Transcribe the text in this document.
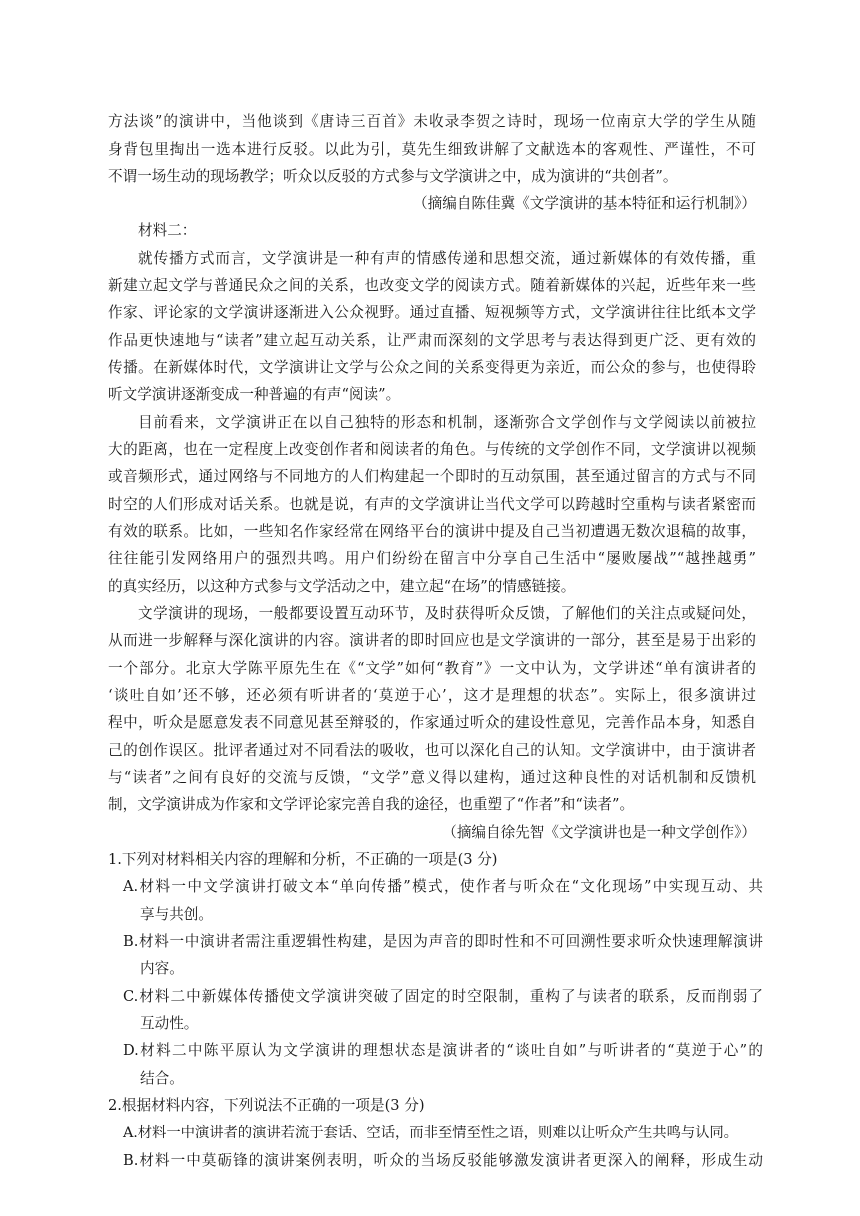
方法谈”的演讲中，当他谈到《唐诗三百首》未收录李贺之诗时，现场一位南京大学的学生从随
身背包里掏出一选本进行反驳。以此为引，莫先生细致讲解了文献选本的客观性、严谨性，不可
不谓一场生动的现场教学；听众以反驳的方式参与文学演讲之中，成为演讲的“共创者”。
（摘编自陈佳冀《文学演讲的基本特征和运行机制》）
材料二：
就传播方式而言，文学演讲是一种有声的情感传递和思想交流，通过新媒体的有效传播，重
新建立起文学与普通民众之间的关系，也改变文学的阅读方式。随着新媒体的兴起，近些年来一些
作家、评论家的文学演讲逐渐进入公众视野。通过直播、短视频等方式，文学演讲往往比纸本文学
作品更快速地与“读者”建立起互动关系，让严肃而深刻的文学思考与表达得到更广泛、更有效的
传播。在新媒体时代，文学演讲让文学与公众之间的关系变得更为亲近，而公众的参与，也使得聆
听文学演讲逐渐变成一种普遍的有声“阅读”。
目前看来，文学演讲正在以自己独特的形态和机制，逐渐弥合文学创作与文学阅读以前被拉
大的距离，也在一定程度上改变创作者和阅读者的角色。与传统的文学创作不同，文学演讲以视频
或音频形式，通过网络与不同地方的人们构建起一个即时的互动氛围，甚至通过留言的方式与不同
时空的人们形成对话关系。也就是说，有声的文学演讲让当代文学可以跨越时空重构与读者紧密而
有效的联系。比如，一些知名作家经常在网络平台的演讲中提及自己当初遭遇无数次退稿的故事，
往往能引发网络用户的强烈共鸣。用户们纷纷在留言中分享自己生活中“屡败屡战”“越挫越勇”
的真实经历，以这种方式参与文学活动之中，建立起“在场”的情感链接。
文学演讲的现场，一般都要设置互动环节，及时获得听众反馈，了解他们的关注点或疑问处，
从而进一步解释与深化演讲的内容。演讲者的即时回应也是文学演讲的一部分，甚至是易于出彩的
一个部分。北京大学陈平原先生在《“文学”如何“教育”》一文中认为，文学讲述“单有演讲者的
‘谈吐自如’还不够，还必须有听讲者的‘莫逆于心’，这才是理想的状态”。实际上，很多演讲过
程中，听众是愿意发表不同意见甚至辩驳的，作家通过听众的建设性意见，完善作品本身，知悉自
己的创作误区。批评者通过对不同看法的吸收，也可以深化自己的认知。文学演讲中，由于演讲者
与“读者”之间有良好的交流与反馈，“文学”意义得以建构，通过这种良性的对话机制和反馈机
制，文学演讲成为作家和文学评论家完善自我的途径，也重塑了“作者”和“读者”。
（摘编自徐先智《文学演讲也是一种文学创作》）
1.下列对材料相关内容的理解和分析，不正确的一项是(3 分)
A.材料一中文学演讲打破文本“单向传播”模式，使作者与听众在“文化现场”中实现互动、共
享与共创。
B.材料一中演讲者需注重逻辑性构建，是因为声音的即时性和不可回溯性要求听众快速理解演讲
内容。
C.材料二中新媒体传播使文学演讲突破了固定的时空限制，重构了与读者的联系，反而削弱了
互动性。
D.材料二中陈平原认为文学演讲的理想状态是演讲者的“谈吐自如”与听讲者的“莫逆于心”的
结合。
2.根据材料内容，下列说法不正确的一项是(3 分)
A.材料一中演讲者的演讲若流于套话、空话，而非至情至性之语，则难以让听众产生共鸣与认同。
B.材料一中莫砺锋的演讲案例表明，听众的当场反驳能够激发演讲者更深入的阐释，形成生动
